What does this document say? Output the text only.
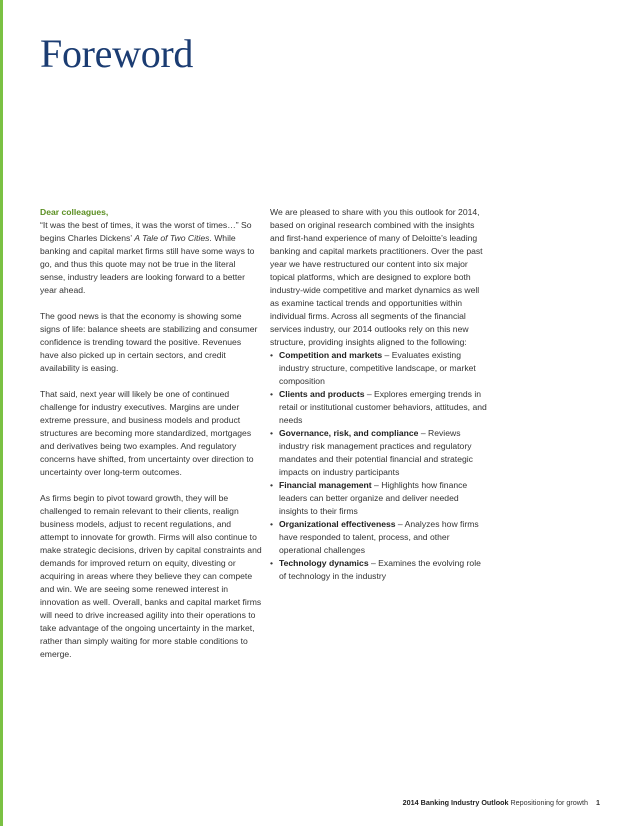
Foreword
Dear colleagues,

“It was the best of times, it was the worst of times…” So begins Charles Dickens’ A Tale of Two Cities. While banking and capital market firms still have some ways to go, and thus this quote may not be true in the literal sense, industry leaders are looking forward to a better year ahead.

The good news is that the economy is showing some signs of life: balance sheets are stabilizing and consumer confidence is trending toward the positive. Revenues have also picked up in certain sectors, and credit availability is easing.

That said, next year will likely be one of continued challenge for industry executives. Margins are under extreme pressure, and business models and product structures are becoming more standardized, mortgages and derivatives being two examples. And regulatory concerns have shifted, from uncertainty over direction to uncertainty over long-term outcomes.

As firms begin to pivot toward growth, they will be challenged to remain relevant to their clients, realign business models, adjust to recent regulations, and attempt to innovate for growth. Firms will also continue to make strategic decisions, driven by capital constraints and demands for improved return on equity, divesting or acquiring in areas where they believe they can compete and win. We are seeing some renewed interest in innovation as well. Overall, banks and capital market firms will need to drive increased agility into their operations to take advantage of the ongoing uncertainty in the market, rather than simply waiting for more stable conditions to emerge.

We are pleased to share with you this outlook for 2014, based on original research combined with the insights and first-hand experience of many of Deloitte’s leading banking and capital markets practitioners. Over the past year we have restructured our content into six major topical platforms, which are designed to explore both industry-wide competitive and market dynamics as well as examine tactical trends and opportunities within individual firms. Across all segments of the financial services industry, our 2014 outlooks rely on this new structure, providing insights aligned to the following:

• Competition and markets – Evaluates existing industry structure, competitive landscape, or market composition
• Clients and products – Explores emerging trends in retail or institutional customer behaviors, attitudes, and needs
• Governance, risk, and compliance – Reviews industry risk management practices and regulatory mandates and their potential financial and strategic impacts on industry participants
• Financial management – Highlights how finance leaders can better organize and deliver needed insights to their firms
• Organizational effectiveness – Analyzes how firms have responded to talent, process, and other operational challenges
• Technology dynamics – Examines the evolving role of technology in the industry
2014 Banking Industry Outlook Repositioning for growth 1
